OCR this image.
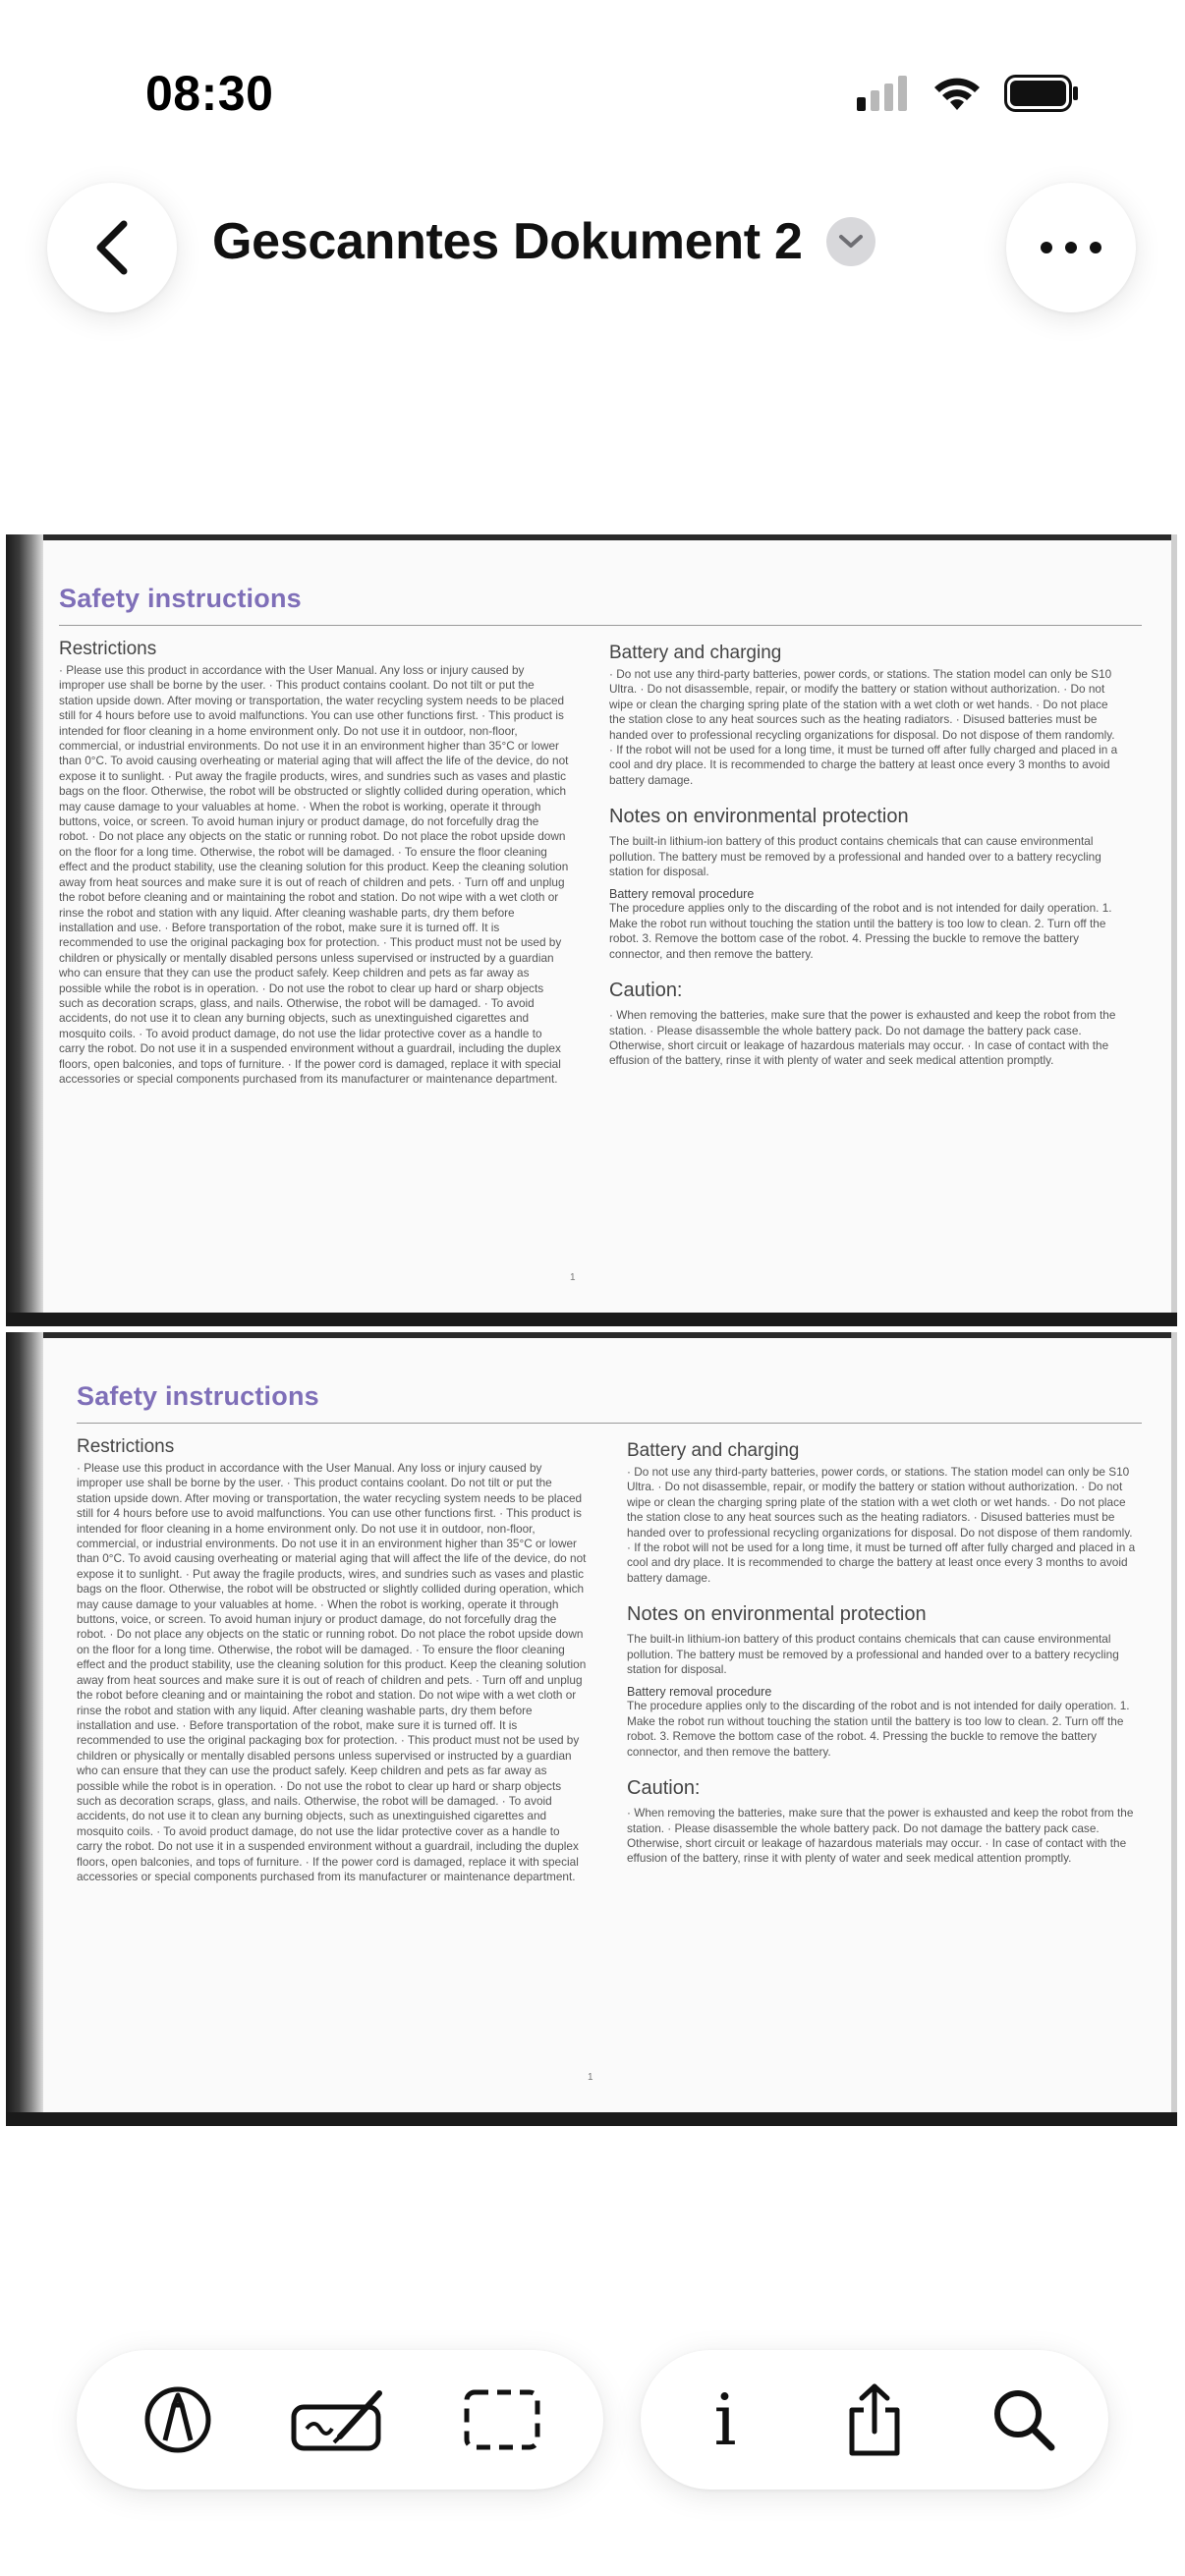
08:30
Gescanntes Dokument 2
Safety instructions
Restrictions
· Please use this product in accordance with the User Manual. Any loss or injury caused by improper use shall be borne by the user. · This product contains coolant. Do not tilt or put the station upside down. After moving or transportation, the water recycling system needs to be placed still for 4 hours before use to avoid malfunctions. You can use other functions first. · This product is intended for floor cleaning in a home environment only. Do not use it in outdoor, non-floor, commercial, or industrial environments. Do not use it in an environment higher than 35°C or lower than 0°C. To avoid causing overheating or material aging that will affect the life of the device, do not expose it to sunlight. · Put away the fragile products, wires, and sundries such as vases and plastic bags on the floor. Otherwise, the robot will be obstructed or slightly collided during operation, which may cause damage to your valuables at home. · When the robot is working, operate it through buttons, voice, or screen. To avoid human injury or product damage, do not forcefully drag the robot. · Do not place any objects on the static or running robot. Do not place the robot upside down on the floor for a long time. Otherwise, the robot will be damaged. · To ensure the floor cleaning effect and the product stability, use the cleaning solution for this product. Keep the cleaning solution away from heat sources and make sure it is out of reach of children and pets. · Turn off and unplug the robot before cleaning and or maintaining the robot and station. Do not wipe with a wet cloth or rinse the robot and station with any liquid. After cleaning washable parts, dry them before installation and use. · Before transportation of the robot, make sure it is turned off. It is recommended to use the original packaging box for protection. · This product must not be used by children or physically or mentally disabled persons unless supervised or instructed by a guardian who can ensure that they can use the product safely. Keep children and pets as far away as possible while the robot is in operation. · Do not use the robot to clear up hard or sharp objects such as decoration scraps, glass, and nails. Otherwise, the robot will be damaged. · To avoid accidents, do not use it to clean any burning objects, such as unextinguished cigarettes and mosquito coils. · To avoid product damage, do not use the lidar protective cover as a handle to carry the robot. Do not use it in a suspended environment without a guardrail, including the duplex floors, open balconies, and tops of furniture. · If the power cord is damaged, replace it with special accessories or special components purchased from its manufacturer or maintenance department.
Battery and charging
· Do not use any third-party batteries, power cords, or stations. The station model can only be S10 Ultra. · Do not disassemble, repair, or modify the battery or station without authorization. · Do not wipe or clean the charging spring plate of the station with a wet cloth or wet hands. · Do not place the station close to any heat sources such as the heating radiators. · Disused batteries must be handed over to professional recycling organizations for disposal. Do not dispose of them randomly. · If the robot will not be used for a long time, it must be turned off after fully charged and placed in a cool and dry place. It is recommended to charge the battery at least once every 3 months to avoid battery damage.
Notes on environmental protection
The built-in lithium-ion battery of this product contains chemicals that can cause environmental pollution. The battery must be removed by a professional and handed over to a battery recycling station for disposal.
Battery removal procedure
The procedure applies only to the discarding of the robot and is not intended for daily operation. 1. Make the robot run without touching the station until the battery is too low to clean. 2. Turn off the robot. 3. Remove the bottom case of the robot. 4. Pressing the buckle to remove the battery connector, and then remove the battery.
Caution:
· When removing the batteries, make sure that the power is exhausted and keep the robot from the station. · Please disassemble the whole battery pack. Do not damage the battery pack case. Otherwise, short circuit or leakage of hazardous materials may occur. · In case of contact with the effusion of the battery, rinse it with plenty of water and seek medical attention promptly.
1
Safety instructions
Restrictions
· Please use this product in accordance with the User Manual. Any loss or injury caused by improper use shall be borne by the user. · This product contains coolant. Do not tilt or put the station upside down. After moving or transportation, the water recycling system needs to be placed still for 4 hours before use to avoid malfunctions. You can use other functions first. · This product is intended for floor cleaning in a home environment only. Do not use it in outdoor, non-floor, commercial, or industrial environments. Do not use it in an environment higher than 35°C or lower than 0°C. To avoid causing overheating or material aging that will affect the life of the device, do not expose it to sunlight. · Put away the fragile products, wires, and sundries such as vases and plastic bags on the floor. Otherwise, the robot will be obstructed or slightly collided during operation, which may cause damage to your valuables at home. · When the robot is working, operate it through buttons, voice, or screen. To avoid human injury or product damage, do not forcefully drag the robot. · Do not place any objects on the static or running robot. Do not place the robot upside down on the floor for a long time. Otherwise, the robot will be damaged. · To ensure the floor cleaning effect and the product stability, use the cleaning solution for this product. Keep the cleaning solution away from heat sources and make sure it is out of reach of children and pets. · Turn off and unplug the robot before cleaning and or maintaining the robot and station. Do not wipe with a wet cloth or rinse the robot and station with any liquid. After cleaning washable parts, dry them before installation and use. · Before transportation of the robot, make sure it is turned off. It is recommended to use the original packaging box for protection. · This product must not be used by children or physically or mentally disabled persons unless supervised or instructed by a guardian who can ensure that they can use the product safely. Keep children and pets as far away as possible while the robot is in operation. · Do not use the robot to clear up hard or sharp objects such as decoration scraps, glass, and nails. Otherwise, the robot will be damaged. · To avoid accidents, do not use it to clean any burning objects, such as unextinguished cigarettes and mosquito coils. · To avoid product damage, do not use the lidar protective cover as a handle to carry the robot. Do not use it in a suspended environment without a guardrail, including the duplex floors, open balconies, and tops of furniture. · If the power cord is damaged, replace it with special accessories or special components purchased from its manufacturer or maintenance department.
Battery and charging
· Do not use any third-party batteries, power cords, or stations. The station model can only be S10 Ultra. · Do not disassemble, repair, or modify the battery or station without authorization. · Do not wipe or clean the charging spring plate of the station with a wet cloth or wet hands. · Do not place the station close to any heat sources such as the heating radiators. · Disused batteries must be handed over to professional recycling organizations for disposal. Do not dispose of them randomly. · If the robot will not be used for a long time, it must be turned off after fully charged and placed in a cool and dry place. It is recommended to charge the battery at least once every 3 months to avoid battery damage.
Notes on environmental protection
The built-in lithium-ion battery of this product contains chemicals that can cause environmental pollution. The battery must be removed by a professional and handed over to a battery recycling station for disposal.
Battery removal procedure
The procedure applies only to the discarding of the robot and is not intended for daily operation. 1. Make the robot run without touching the station until the battery is too low to clean. 2. Turn off the robot. 3. Remove the bottom case of the robot. 4. Pressing the buckle to remove the battery connector, and then remove the battery.
Caution:
· When removing the batteries, make sure that the power is exhausted and keep the robot from the station. · Please disassemble the whole battery pack. Do not damage the battery pack case. Otherwise, short circuit or leakage of hazardous materials may occur. · In case of contact with the effusion of the battery, rinse it with plenty of water and seek medical attention promptly.
1
i
